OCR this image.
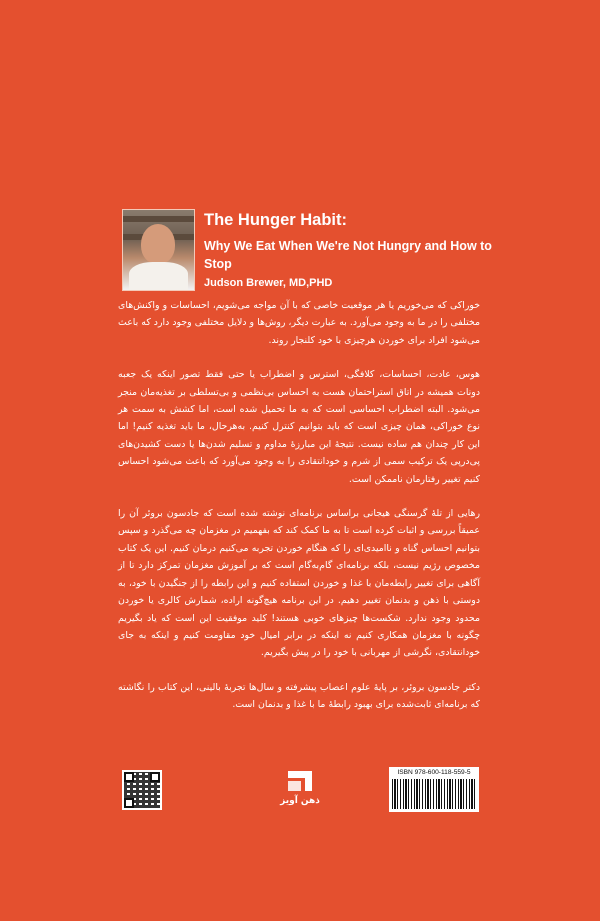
The Hunger Habit:

Why We Eat When We're Not Hungry and How to Stop

Judson Brewer, MD,PHD

خوراکی که می‌خوریم یا هر موقعیت خاصی که با آن مواجه می‌شویم، احساسات و واکنش‌های مختلفی را در ما به وجود می‌آورد. به عبارت دیگر، روش‌ها و دلایل مختلفی وجود دارد که باعث می‌شود افراد برای خوردن هرچیزی با خود کلنجار روند.

هوس، عادت، احساسات، کلافگی، استرس و اضطراب یا حتی فقط تصور اینکه یک جعبه دونات همیشه در اتاق استراحتمان هست به احساس بی‌نظمی و بی‌تسلطی بر تغذیه‌مان منجر می‌شود. البته اضطراب احساسی است که به ما تحمیل شده است، اما کشش به سمت هر نوع خوراکی، همان چیزی است که باید بتوانیم کنترل کنیم. به‌هرحال، ما باید تغذیه کنیم! اما این کار چندان هم ساده نیست. نتیجهٔ این مبارزهٔ مداوم و تسلیم شدن‌ها یا دست کشیدن‌های پی‌درپی یک ترکیب سمی از شرم و خودانتقادی را به وجود می‌آورد که باعث می‌شود احساس کنیم تغییر رفتارمان ناممکن است.

رهایی از تلهٔ گرسنگی هیجانی براساس برنامه‌ای نوشته شده است که جادسون بروئر آن را عمیقاً بررسی و اثبات کرده است تا به ما کمک کند که بفهمیم در مغزمان چه می‌گذرد و سپس بتوانیم احساس گناه و ناامیدی‌ای را که هنگام خوردن تجربه می‌کنیم درمان کنیم. این یک کتاب مخصوص رژیم نیست، بلکه برنامه‌ای گام‌به‌گام است که بر آموزش مغزمان تمرکز دارد تا از آگاهی برای تغییر رابطه‌مان با غذا و خوردن استفاده کنیم و این رابطه را از جنگیدن با خود، به دوستی با ذهن و بدنمان تغییر دهیم. در این برنامه هیچ‌گونه اراده، شمارش کالری یا خوردن محدود وجود ندارد. شکست‌ها چیزهای خوبی هستند! کلید موفقیت این است که یاد بگیریم چگونه با مغزمان همکاری کنیم نه اینکه در برابر امیال خود مقاومت کنیم و اینکه به جای خودانتقادی، نگرشی از مهربانی با خود را در پیش بگیریم.

دکتر جادسون بروئر، بر پایهٔ علوم اعصاب پیشرفته و سال‌ها تجربهٔ بالینی، این کتاب را نگاشته که برنامه‌ای ثابت‌شده برای بهبود رابطهٔ ما با غذا و بدنمان است.

ذهن آویز
ISBN 978-600-118-559-5
